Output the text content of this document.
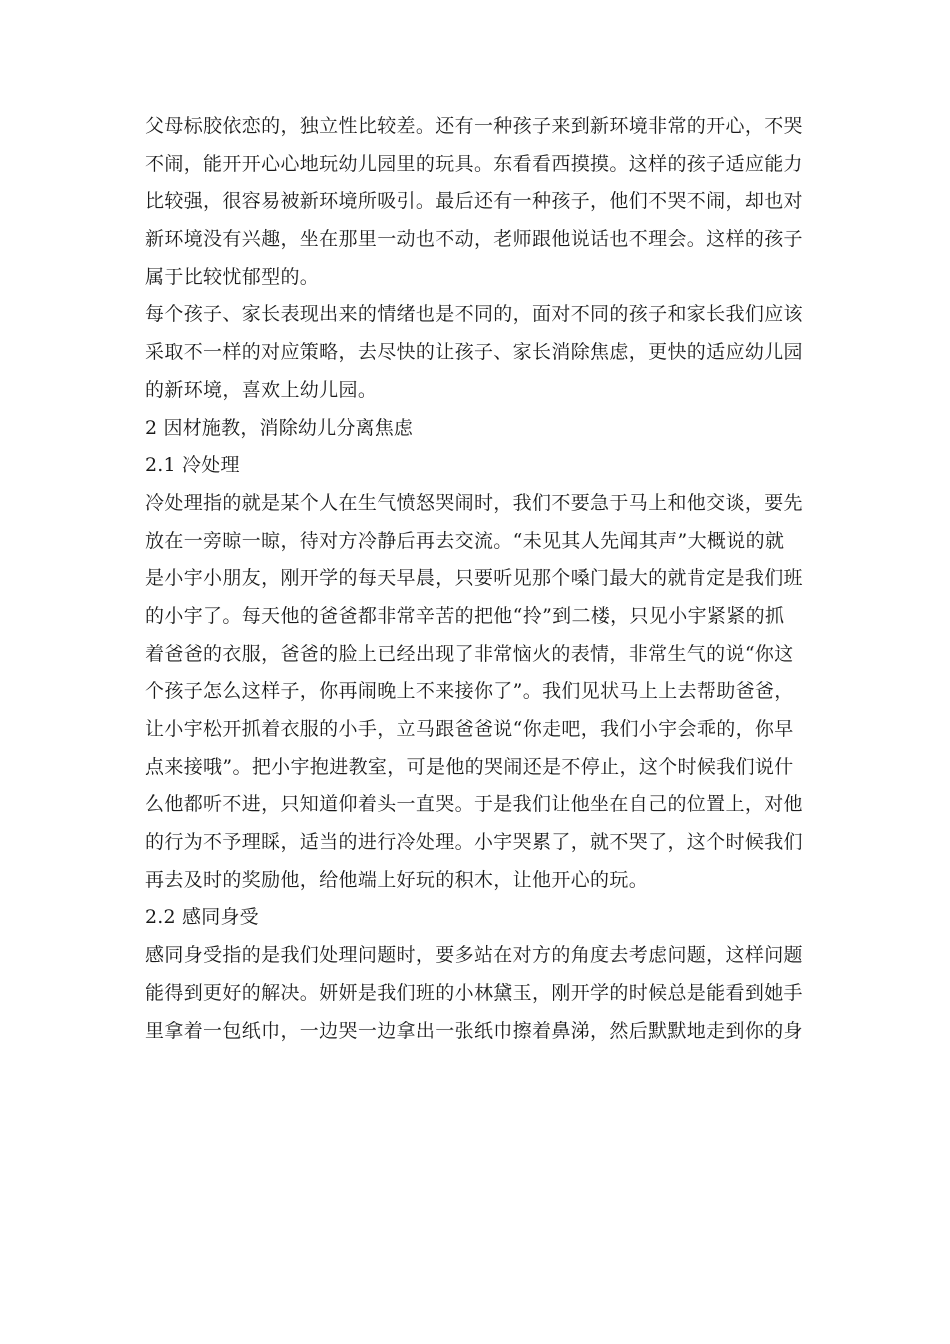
父母标胶依恋的，独立性比较差。还有一种孩子来到新环境非常的开心，不哭
不闹，能开开心心地玩幼儿园里的玩具。东看看西摸摸。这样的孩子适应能力
比较强，很容易被新环境所吸引。最后还有一种孩子，他们不哭不闹，却也对
新环境没有兴趣，坐在那里一动也不动，老师跟他说话也不理会。这样的孩子
属于比较忧郁型的。
每个孩子、家长表现出来的情绪也是不同的，面对不同的孩子和家长我们应该
采取不一样的对应策略，去尽快的让孩子、家长消除焦虑，更快的适应幼儿园
的新环境，喜欢上幼儿园。
2 因材施教，消除幼儿分离焦虑
2.1 冷处理
冷处理指的就是某个人在生气愤怒哭闹时，我们不要急于马上和他交谈，要先
放在一旁晾一晾，待对方冷静后再去交流。“未见其人先闻其声”大概说的就
是小宇小朋友，刚开学的每天早晨，只要听见那个嗓门最大的就肯定是我们班
的小宇了。每天他的爸爸都非常辛苦的把他“拎”到二楼，只见小宇紧紧的抓
着爸爸的衣服，爸爸的脸上已经出现了非常恼火的表情，非常生气的说“你这
个孩子怎么这样子，你再闹晚上不来接你了”。我们见状马上上去帮助爸爸，
让小宇松开抓着衣服的小手，立马跟爸爸说“你走吧，我们小宇会乖的，你早
点来接哦”。把小宇抱进教室，可是他的哭闹还是不停止，这个时候我们说什
么他都听不进，只知道仰着头一直哭。于是我们让他坐在自己的位置上，对他
的行为不予理睬，适当的进行冷处理。小宇哭累了，就不哭了，这个时候我们
再去及时的奖励他，给他端上好玩的积木，让他开心的玩。
2.2 感同身受
感同身受指的是我们处理问题时，要多站在对方的角度去考虑问题，这样问题
能得到更好的解决。妍妍是我们班的小林黛玉，刚开学的时候总是能看到她手
里拿着一包纸巾，一边哭一边拿出一张纸巾擦着鼻涕，然后默默地走到你的身
